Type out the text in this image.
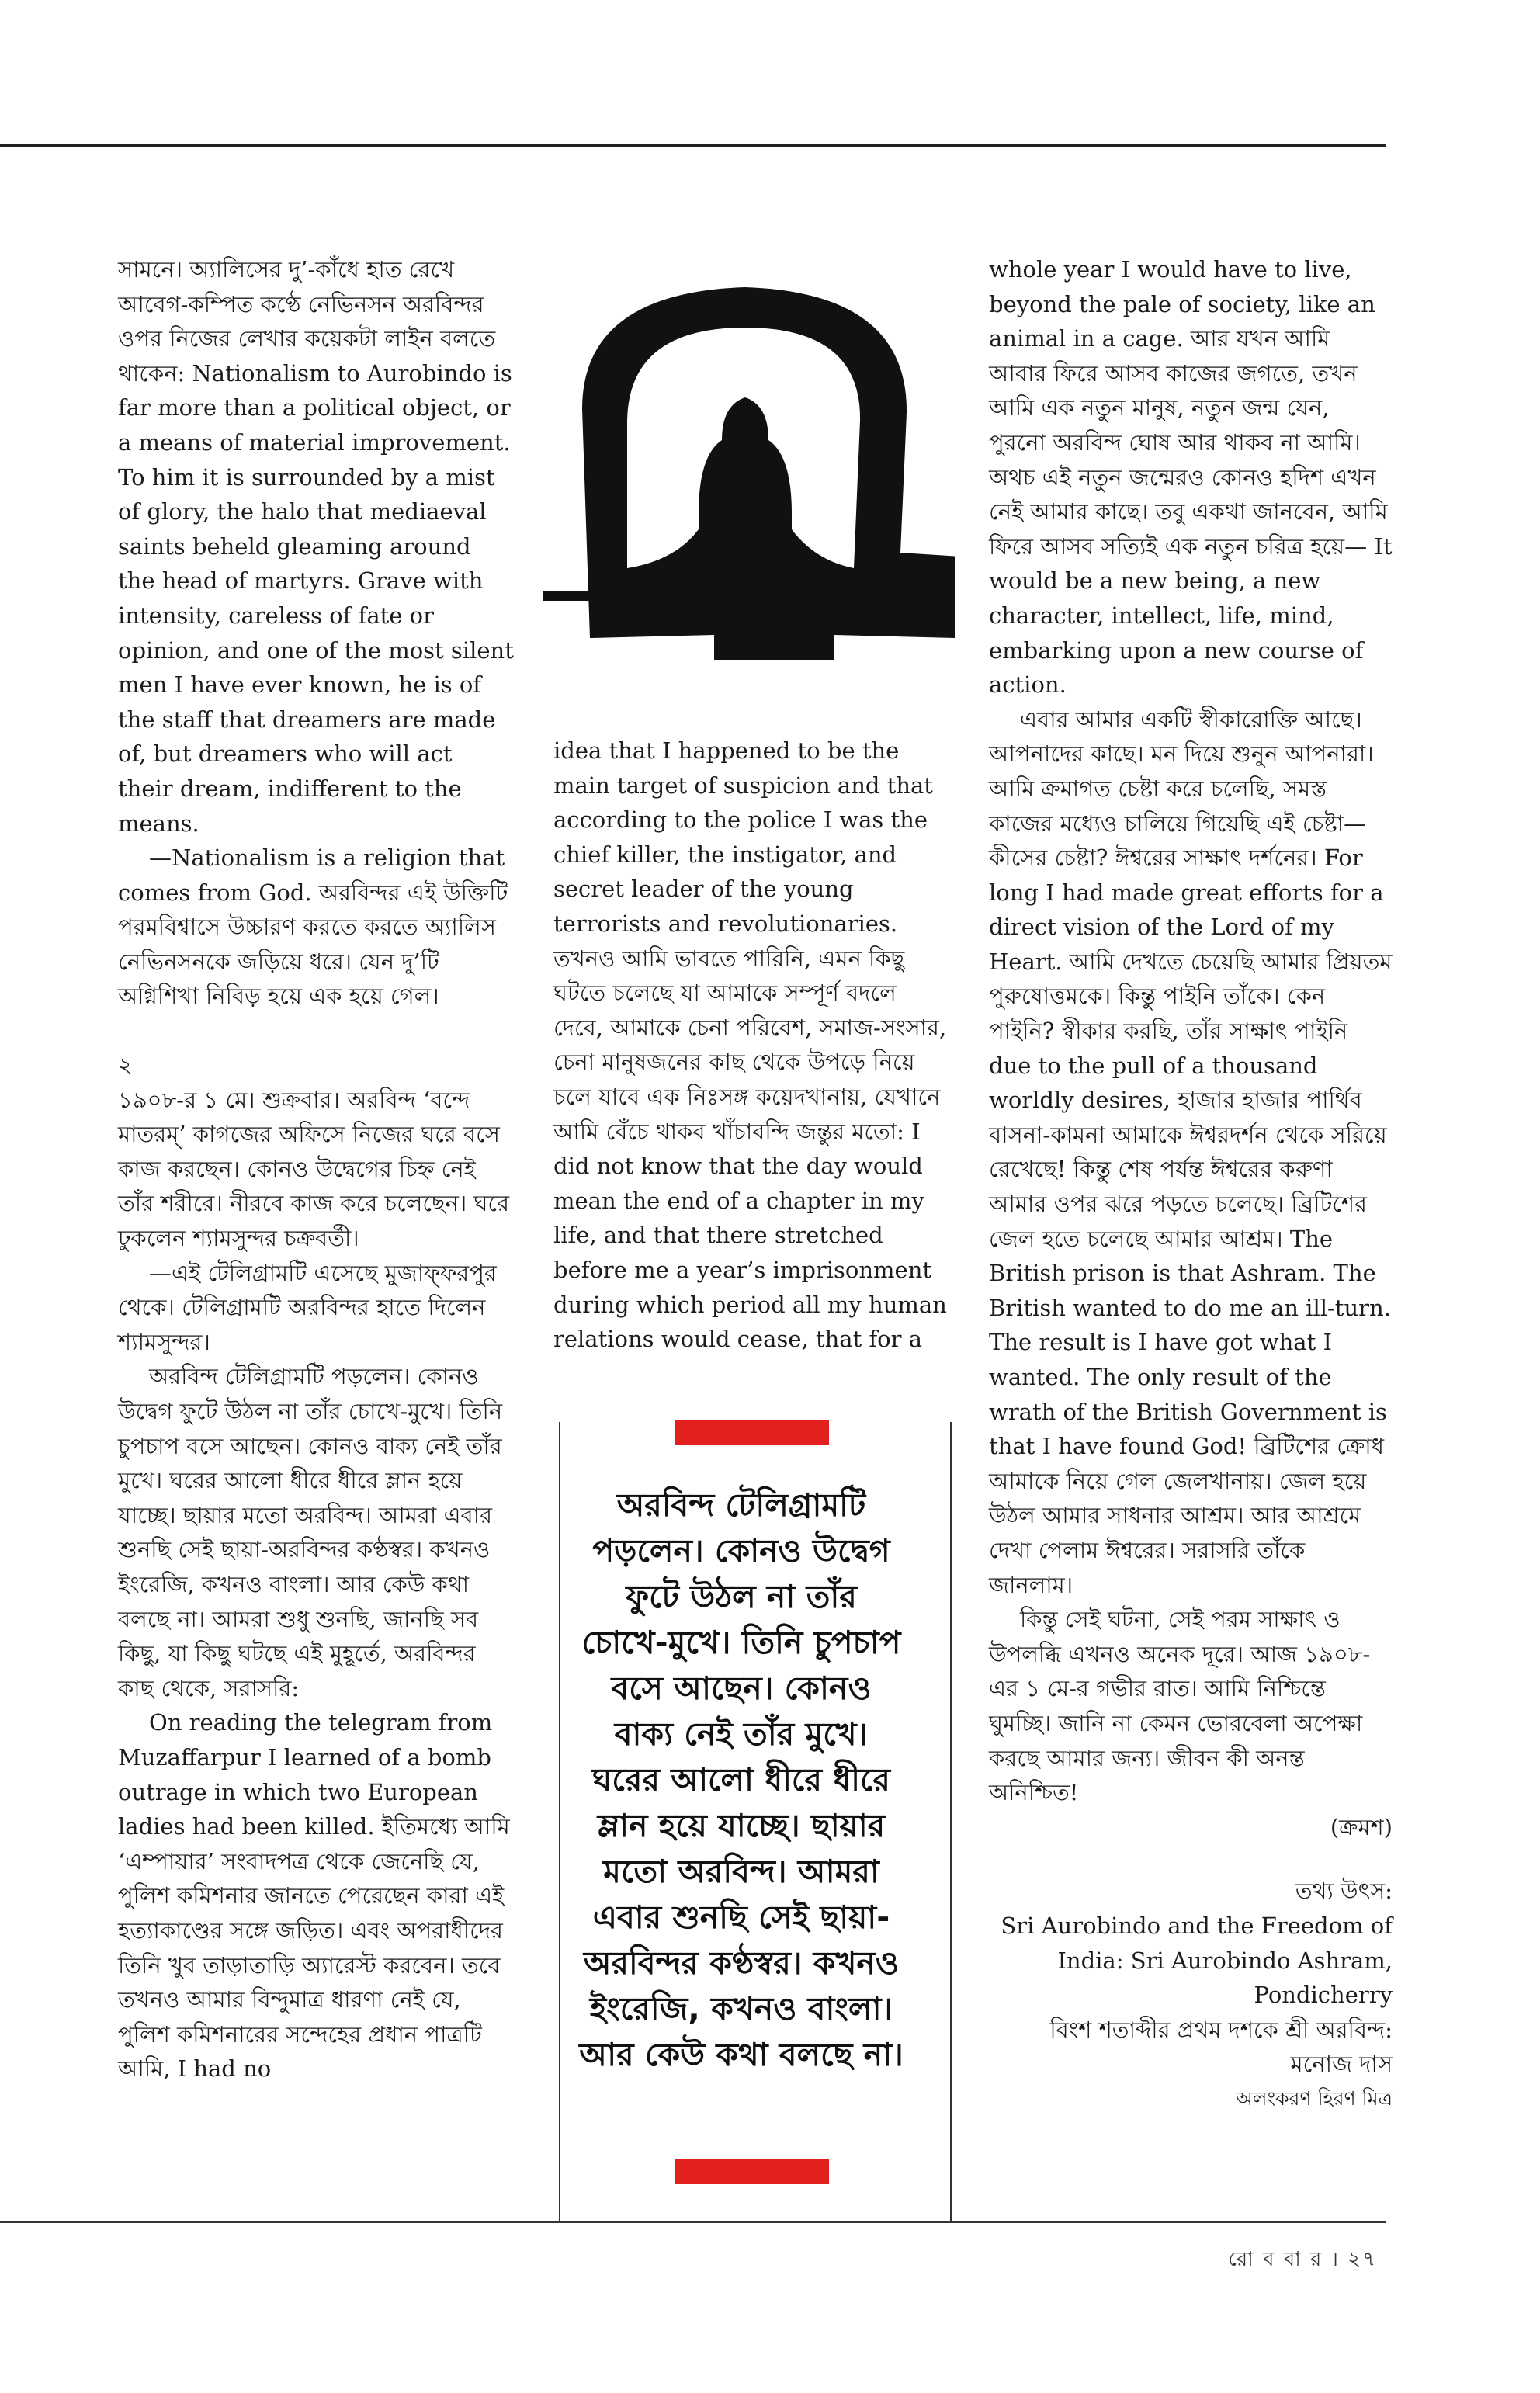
সামনে। অ্যালিসের দু’-কাঁধে হাত রেখে আবেগ-কম্পিত কণ্ঠে নেভিনসন অরবিন্দর ওপর নিজের লেখার কয়েকটা লাইন বলতে থাকেন: Nationalism to Aurobindo is far more than a political object, or a means of material improvement. To him it is surrounded by a mist of glory, the halo that mediaeval saints beheld gleaming around the head of martyrs. Grave with intensity, careless of fate or opinion, and one of the most silent men I have ever known, he is of the staff that dreamers are made of, but dreamers who will act their dream, indifferent to the means.

—Nationalism is a religion that comes from God. অরবিন্দর এই উক্তিটি পরমবিশ্বাসে উচ্চারণ করতে করতে অ্যালিস নেভিনসনকে জড়িয়ে ধরে। যেন দু’টি অগ্নিশিখা নিবিড় হয়ে এক হয়ে গেল।

২

১৯০৮-র ১ মে। শুক্রবার। অরবিন্দ ‘বন্দে মাতরম্’ কাগজের অফিসে নিজের ঘরে বসে কাজ করছেন। কোনও উদ্বেগের চিহ্ন নেই তাঁর শরীরে। নীরবে কাজ করে চলেছেন। ঘরে ঢুকলেন শ্যামসুন্দর চক্রবর্তী।

—এই টেলিগ্রামটি এসেছে মুজাফ্‌ফরপুর থেকে। টেলিগ্রামটি অরবিন্দর হাতে দিলেন শ্যামসুন্দর।

অরবিন্দ টেলিগ্রামটি পড়লেন। কোনও উদ্বেগ ফুটে উঠল না তাঁর চোখে-মুখে। তিনি চুপচাপ বসে আছেন। কোনও বাক্য নেই তাঁর মুখে। ঘরের আলো ধীরে ধীরে ম্লান হয়ে যাচ্ছে। ছায়ার মতো অরবিন্দ। আমরা এবার শুনছি সেই ছায়া-অরবিন্দর কণ্ঠস্বর। কখনও ইংরেজি, কখনও বাংলা। আর কেউ কথা বলছে না। আমরা শুধু শুনছি, জানছি সব কিছু, যা কিছু ঘটছে এই মুহূর্তে, অরবিন্দর কাছ থেকে, সরাসরি:

On reading the telegram from Muzaffarpur I learned of a bomb outrage in which two European ladies had been killed. ইতিমধ্যে আমি ‘এম্পায়ার’ সংবাদপত্র থেকে জেনেছি যে, পুলিশ কমিশনার জানতে পেরেছেন কারা এই হত্যাকাণ্ডের সঙ্গে জড়িত। এবং অপরাধীদের তিনি খুব তাড়াতাড়ি অ্যারেস্ট করবেন। তবে তখনও আমার বিন্দুমাত্র ধারণা নেই যে, পুলিশ কমিশনারের সন্দেহের প্রধান পাত্রটি আমি, I had no

idea that I happened to be the main target of suspicion and that according to the police I was the chief killer, the instigator, and secret leader of the young terrorists and revolutionaries. তখনও আমি ভাবতে পারিনি, এমন কিছু ঘটতে চলেছে যা আমাকে সম্পূর্ণ বদলে দেবে, আমাকে চেনা পরিবেশ, সমাজ-সংসার, চেনা মানুষজনের কাছ থেকে উপড়ে নিয়ে চলে যাবে এক নিঃসঙ্গ কয়েদখানায়, যেখানে আমি বেঁচে থাকব খাঁচাবন্দি জন্তুর মতো: I did not know that the day would mean the end of a chapter in my life, and that there stretched before me a year’s imprisonment during which period all my human relations would cease, that for a

whole year I would have to live, beyond the pale of society, like an animal in a cage. আর যখন আমি আবার ফিরে আসব কাজের জগতে, তখন আমি এক নতুন মানুষ, নতুন জন্ম যেন, পুরনো অরবিন্দ ঘোষ আর থাকব না আমি। অথচ এই নতুন জন্মেরও কোনও হদিশ এখন নেই আমার কাছে। তবু একথা জানবেন, আমি ফিরে আসব সত্যিই এক নতুন চরিত্র হয়ে— It would be a new being, a new character, intellect, life, mind, embarking upon a new course of action.

এবার আমার একটি স্বীকারোক্তি আছে। আপনাদের কাছে। মন দিয়ে শুনুন আপনারা। আমি ক্রমাগত চেষ্টা করে চলেছি, সমস্ত কাজের মধ্যেও চালিয়ে গিয়েছি এই চেষ্টা— কীসের চেষ্টা? ঈশ্বরের সাক্ষাৎ দর্শনের। For long I had made great efforts for a direct vision of the Lord of my Heart. আমি দেখতে চেয়েছি আমার প্রিয়তম পুরুষোত্তমকে। কিন্তু পাইনি তাঁকে। কেন পাইনি? স্বীকার করছি, তাঁর সাক্ষাৎ পাইনি due to the pull of a thousand worldly desires, হাজার হাজার পার্থিব বাসনা-কামনা আমাকে ঈশ্বরদর্শন থেকে সরিয়ে রেখেছে! কিন্তু শেষ পর্যন্ত ঈশ্বরের করুণা আমার ওপর ঝরে পড়তে চলেছে। ব্রিটিশের জেল হতে চলেছে আমার আশ্রম। The British prison is that Ashram. The British wanted to do me an ill-turn. The result is I have got what I wanted. The only result of the wrath of the British Government is that I have found God! ব্রিটিশের ক্রোধ আমাকে নিয়ে গেল জেলখানায়। জেল হয়ে উঠল আমার সাধনার আশ্রম। আর আশ্রমে দেখা পেলাম ঈশ্বরের। সরাসরি তাঁকে জানলাম।

কিন্তু সেই ঘটনা, সেই পরম সাক্ষাৎ ও উপলব্ধি এখনও অনেক দূরে। আজ ১৯০৮-এর ১ মে-র গভীর রাত। আমি নিশ্চিন্তে ঘুমচ্ছি। জানি না কেমন ভোরবেলা অপেক্ষা করছে আমার জন্য। জীবন কী অনন্ত অনিশ্চিত!

(ক্রমশ)

তথ্য উৎস:

Sri Aurobindo and the Freedom of India: Sri Aurobindo Ashram, Pondicherry

বিংশ শতাব্দীর প্রথম দশকে শ্রী অরবিন্দ: মনোজ দাস

অলংকরণ হিরণ মিত্র

অরবিন্দ টেলিগ্রামটি পড়লেন। কোনও উদ্বেগ ফুটে উঠল না তাঁর চোখে-মুখে। তিনি চুপচাপ বসে আছেন। কোনও বাক্য নেই তাঁর মুখে। ঘরের আলো ধীরে ধীরে ম্লান হয়ে যাচ্ছে। ছায়ার মতো অরবিন্দ। আমরা এবার শুনছি সেই ছায়া-অরবিন্দর কণ্ঠস্বর। কখনও ইংরেজি, কখনও বাংলা। আর কেউ কথা বলছে না।
রো ব বা র । ২৭
